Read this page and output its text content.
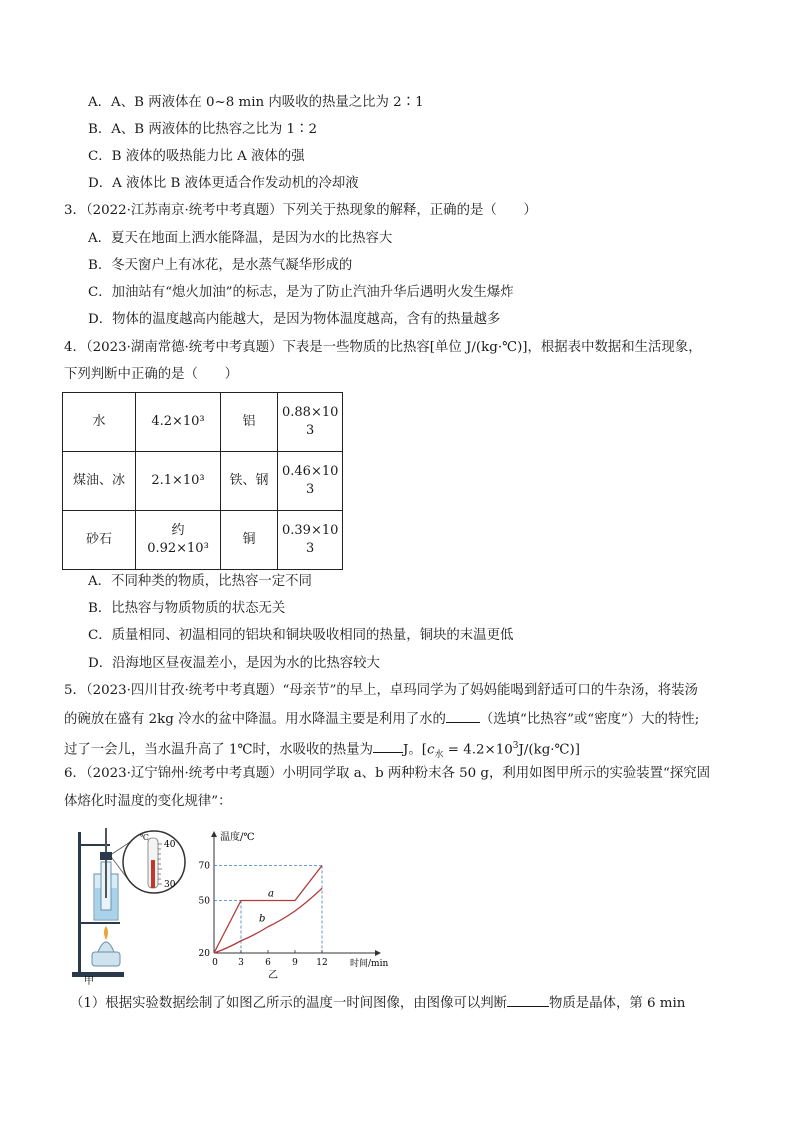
A．A、B 两液体在 0~8 min 内吸收的热量之比为 2∶1
B．A、B 两液体的比热容之比为 1∶2
C．B 液体的吸热能力比 A 液体的强
D．A 液体比 B 液体更适合作发动机的冷却液
3．（2022·江苏南京·统考中考真题）下列关于热现象的解释，正确的是（　　）
A．夏天在地面上洒水能降温，是因为水的比热容大
B．冬天窗户上有冰花，是水蒸气凝华形成的
C．加油站有“熄火加油”的标志，是为了防止汽油升华后遇明火发生爆炸
D．物体的温度越高内能越大，是因为物体温度越高，含有的热量越多
4．（2023·湖南常德·统考中考真题）下表是一些物质的比热容[单位 J/(kg·℃)]，根据表中数据和生活现象，
下列判断中正确的是（　　）
水	4.2×10³	铝	0.88×10
3
煤油、冰	2.1×10³	铁、钢	0.46×10
3
砂石	约 0.92×10³	铜	0.39×10
3
A．不同种类的物质，比热容一定不同
B．比热容与物质物质的状态无关
C．质量相同、初温相同的铝块和铜块吸收相同的热量，铜块的末温更低
D．沿海地区昼夜温差小，是因为水的比热容较大
5．（2023·四川甘孜·统考中考真题）“母亲节”的早上，卓玛同学为了妈妈能喝到舒适可口的牛杂汤，将装汤
的碗放在盛有 2kg 冷水的盆中降温。用水降温主要是利用了水的	（选填“比热容”或“密度”）大的特性;
过了一会儿，当水温升高了 1℃时，水吸收的热量为 J。[$c_水$ = $4.2\times 10^3J/(kg\cdot℃)$]
6．（2023·辽宁锦州·统考中考真题）小明同学取 a、b 两种粉末各 50 g，利用如图甲所示的实验装置“探究固
体熔化时温度的变化规律”：
℃
40
30
甲
温度/℃
时间/min
乙
70
50
20
0 3 6 9 12
a
b
（1）根据实验数据绘制了如图乙所示的温度一时间图像，由图像可以判断	物质是晶体，第 6 min
